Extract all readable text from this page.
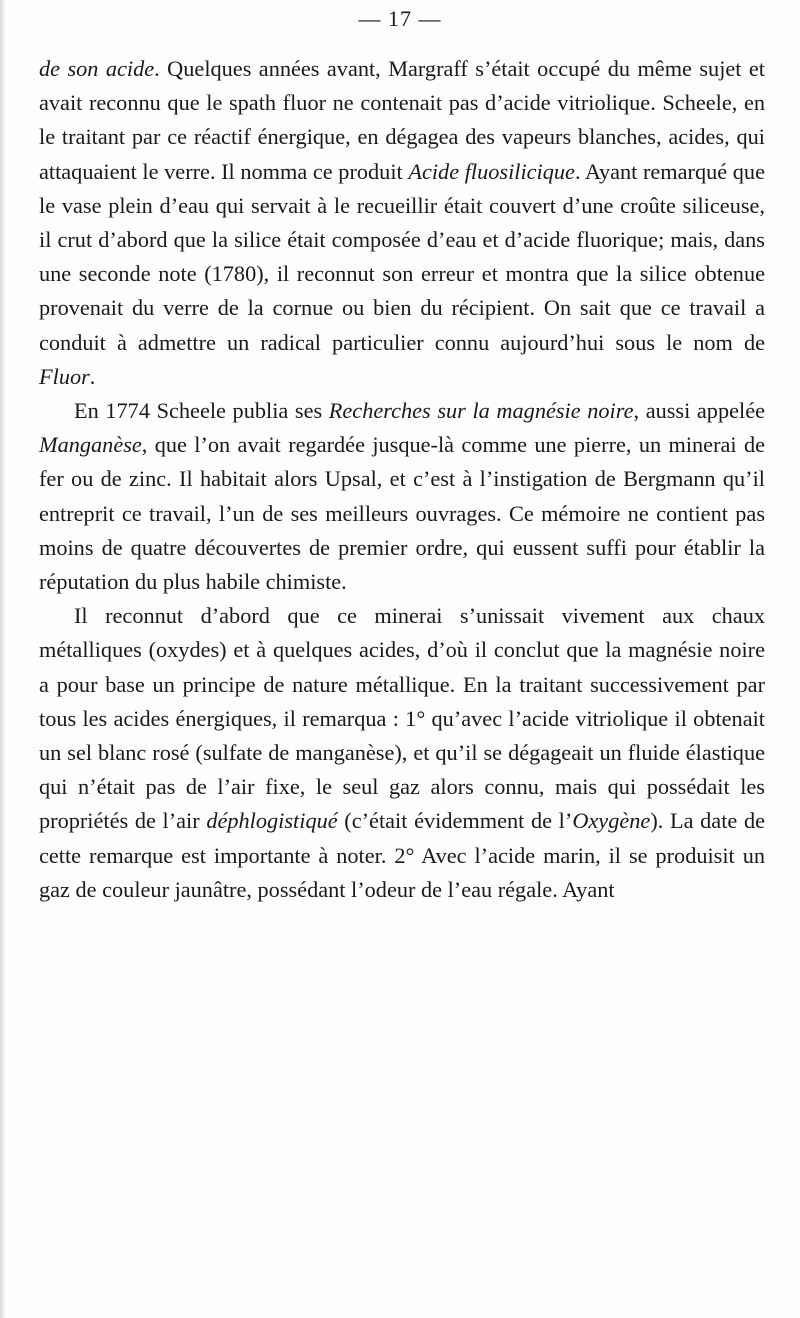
— 17 —

de son acide. Quelques années avant, Margraff s’était occupé du même sujet et avait reconnu que le spath fluor ne contenait pas d’acide vitriolique. Scheele, en le traitant par ce réactif énergique, en dégagea des vapeurs blanches, acides, qui attaquaient le verre. Il nomma ce produit Acide fluosilicique. Ayant remarqué que le vase plein d’eau qui servait à le recueillir était couvert d’une croûte siliceuse, il crut d’abord que la silice était composée d’eau et d’acide fluorique; mais, dans une seconde note (1780), il reconnut son erreur et montra que la silice obtenue provenait du verre de la cornue ou bien du récipient. On sait que ce travail a conduit à admettre un radical particulier connu aujourd’hui sous le nom de Fluor.

En 1774 Scheele publia ses Recherches sur la magnésie noire, aussi appelée Manganèse, que l’on avait regardée jusque-là comme une pierre, un minerai de fer ou de zinc. Il habitait alors Upsal, et c’est à l’instigation de Bergmann qu’il entreprit ce travail, l’un de ses meilleurs ouvrages. Ce mémoire ne contient pas moins de quatre découvertes de premier ordre, qui eussent suffi pour établir la réputation du plus habile chimiste.

Il reconnut d’abord que ce minerai s’unissait vivement aux chaux métalliques (oxydes) et à quelques acides, d’où il conclut que la magnésie noire a pour base un principe de nature métallique. En la traitant successivement par tous les acides énergiques, il remarqua : 1° qu’avec l’acide vitriolique il obtenait un sel blanc rosé (sulfate de manganèse), et qu’il se dégageait un fluide élastique qui n’était pas de l’air fixe, le seul gaz alors connu, mais qui possédait les propriétés de l’air déphlogistiqué (c’était évidemment de l’Oxygène). La date de cette remarque est importante à noter. 2° Avec l’acide marin, il se produisit un gaz de couleur jaunâtre, possédant l’odeur de l’eau régale. Ayant
